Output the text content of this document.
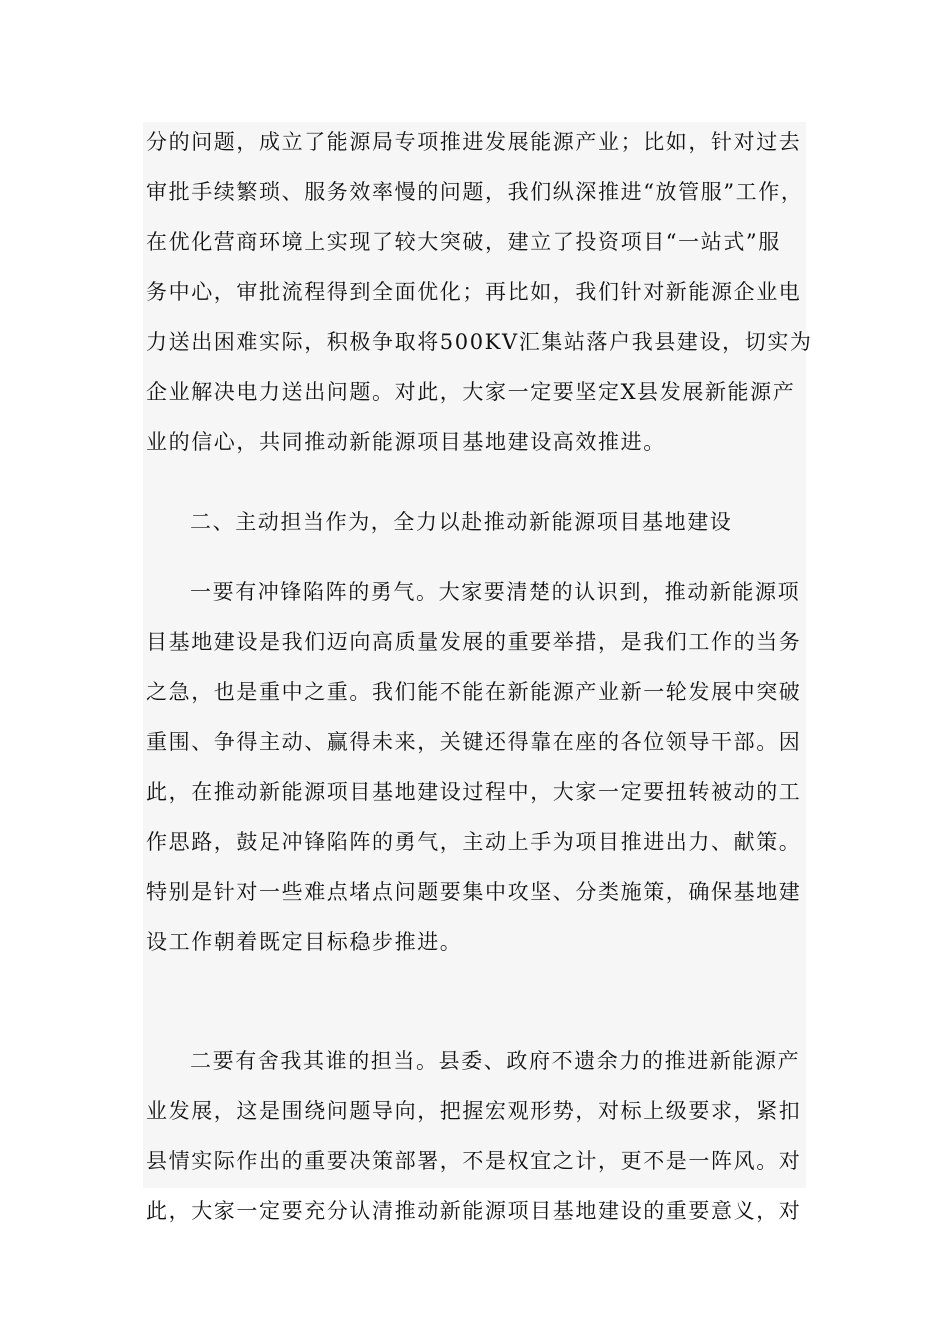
分的问题，成立了能源局专项推进发展能源产业；比如，针对过去
审批手续繁琐、服务效率慢的问题，我们纵深推进“放管服”工作，
在优化营商环境上实现了较大突破，建立了投资项目“一站式”服
务中心，审批流程得到全面优化；再比如，我们针对新能源企业电
力送出困难实际，积极争取将500KV汇集站落户我县建设，切实为
企业解决电力送出问题。对此，大家一定要坚定X县发展新能源产
业的信心，共同推动新能源项目基地建设高效推进。
二、主动担当作为，全力以赴推动新能源项目基地建设
一要有冲锋陷阵的勇气。大家要清楚的认识到，推动新能源项
目基地建设是我们迈向高质量发展的重要举措，是我们工作的当务
之急，也是重中之重。我们能不能在新能源产业新一轮发展中突破
重围、争得主动、赢得未来，关键还得靠在座的各位领导干部。因
此，在推动新能源项目基地建设过程中，大家一定要扭转被动的工
作思路，鼓足冲锋陷阵的勇气，主动上手为项目推进出力、献策。
特别是针对一些难点堵点问题要集中攻坚、分类施策，确保基地建
设工作朝着既定目标稳步推进。
二要有舍我其谁的担当。县委、政府不遗余力的推进新能源产
业发展，这是围绕问题导向，把握宏观形势，对标上级要求，紧扣
县情实际作出的重要决策部署，不是权宜之计，更不是一阵风。对
此，大家一定要充分认清推动新能源项目基地建设的重要意义，对
